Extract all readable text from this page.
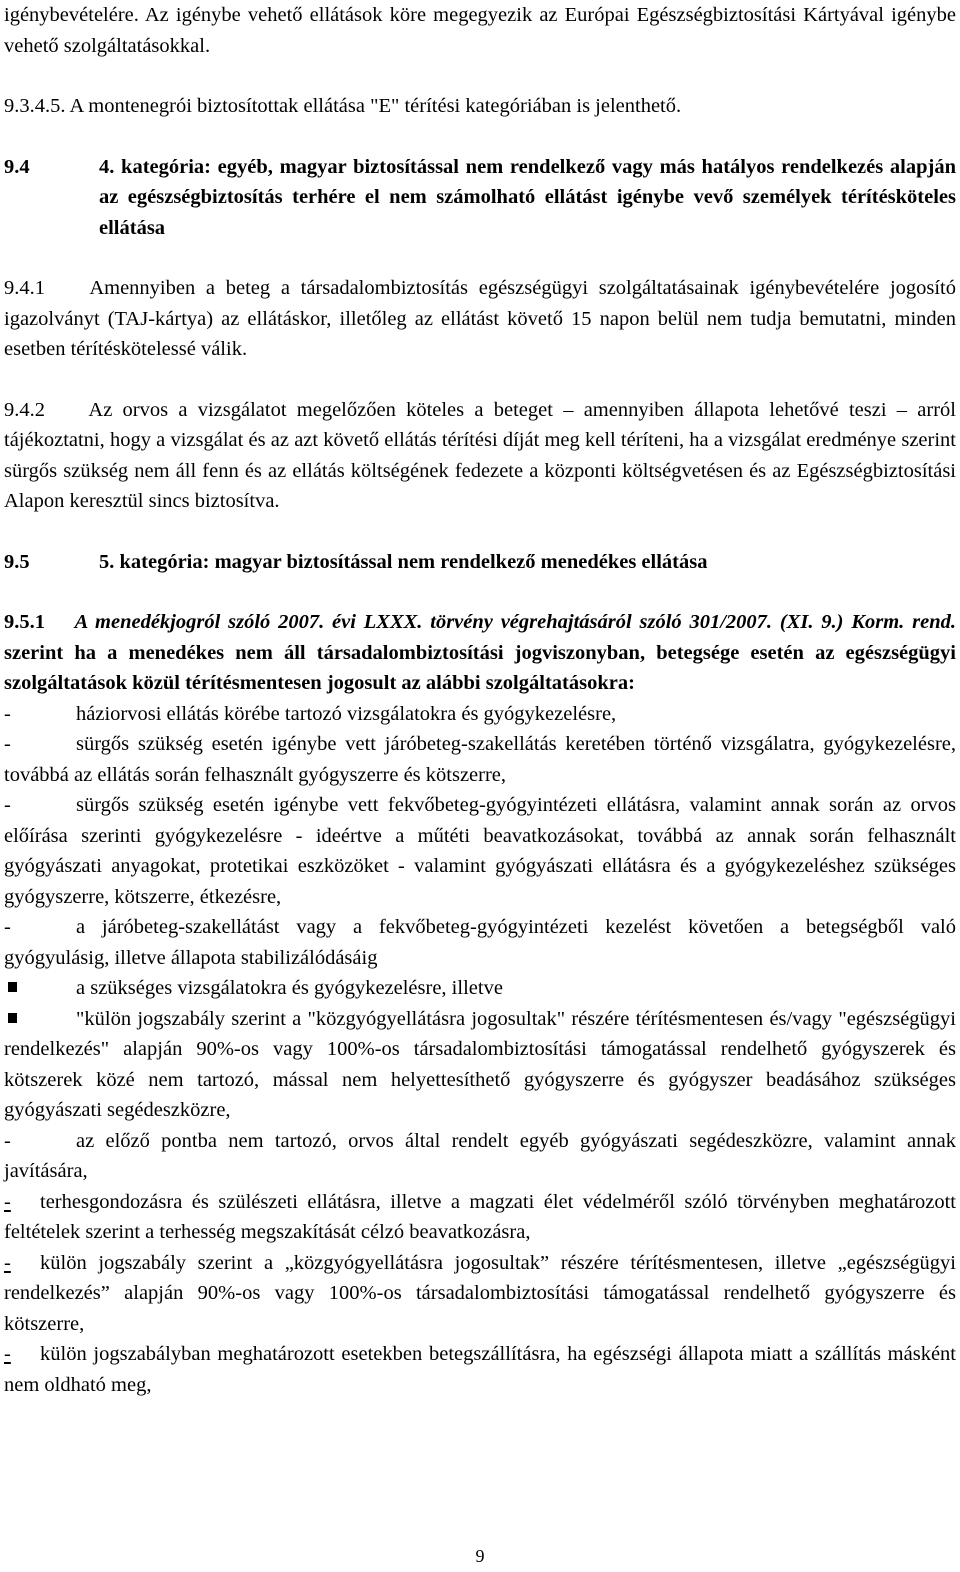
igénybevételére. Az igénybe vehető ellátások köre megegyezik az Európai Egészségbiztosítási Kártyával igénybe vehető szolgáltatásokkal.

9.3.4.5. A montenegrói biztosítottak ellátása "E" térítési kategóriában is jelenthető.

9.4	4. kategória: egyéb, magyar biztosítással nem rendelkező vagy más hatályos rendelkezés alapján az egészségbiztosítás terhére el nem számolható ellátást igénybe vevő személyek térítésköteles ellátása

9.4.1 Amennyiben a beteg a társadalombiztosítás egészségügyi szolgáltatásainak igénybevételére jogosító igazolványt (TAJ-kártya) az ellátáskor, illetőleg az ellátást követő 15 napon belül nem tudja bemutatni, minden esetben térítéskötelessé válik.

9.4.2 Az orvos a vizsgálatot megelőzően köteles a beteget – amennyiben állapota lehetővé teszi – arról tájékoztatni, hogy a vizsgálat és az azt követő ellátás térítési díját meg kell téríteni, ha a vizsgálat eredménye szerint sürgős szükség nem áll fenn és az ellátás költségének fedezete a központi költségvetésen és az Egészségbiztosítási Alapon keresztül sincs biztosítva.

9.5	5. kategória: magyar biztosítással nem rendelkező menedékes ellátása

9.5.1 A menedékjogról szóló 2007. évi LXXX. törvény végrehajtásáról szóló 301/2007. (XI. 9.) Korm. rend. szerint ha a menedékes nem áll társadalombiztosítási jogviszonyban, betegsége esetén az egészségügyi szolgáltatások közül térítésmentesen jogosult az alábbi szolgáltatásokra:

-	háziorvosi ellátás körébe tartozó vizsgálatokra és gyógykezelésre,

-	sürgős szükség esetén igénybe vett járóbeteg-szakellátás keretében történő vizsgálatra, gyógykezelésre, továbbá az ellátás során felhasznált gyógyszerre és kötszerre,

-	sürgős szükség esetén igénybe vett fekvőbeteg-gyógyintézeti ellátásra, valamint annak során az orvos előírása szerinti gyógykezelésre - ideértve a műtéti beavatkozásokat, továbbá az annak során felhasznált gyógyászati anyagokat, protetikai eszközöket - valamint gyógyászati ellátásra és a gyógykezeléshez szükséges gyógyszerre, kötszerre, étkezésre,

-	a járóbeteg-szakellátást vagy a fekvőbeteg-gyógyintézeti kezelést követően a betegségből való gyógyulásig, illetve állapota stabilizálódásáig

a szükséges vizsgálatokra és gyógykezelésre, illetve

"külön jogszabály szerint a "közgyógyellátásra jogosultak" részére térítésmentesen és/vagy "egészségügyi rendelkezés" alapján 90%-os vagy 100%-os társadalombiztosítási támogatással rendelhető gyógyszerek és kötszerek közé nem tartozó, mással nem helyettesíthető gyógyszerre és gyógyszer beadásához szükséges gyógyászati segédeszközre,

-	az előző pontba nem tartozó, orvos által rendelt egyéb gyógyászati segédeszközre, valamint annak javítására,

- terhesgondozásra és szülészeti ellátásra, illetve a magzati élet védelméről szóló törvényben meghatározott feltételek szerint a terhesség megszakítását célzó beavatkozásra,

- külön jogszabály szerint a „közgyógyellátásra jogosultak” részére térítésmentesen, illetve „egészségügyi rendelkezés” alapján 90%-os vagy 100%-os társadalombiztosítási támogatással rendelhető gyógyszerre és kötszerre,

- külön jogszabályban meghatározott esetekben betegszállításra, ha egészségi állapota miatt a szállítás másként nem oldható meg,

9
